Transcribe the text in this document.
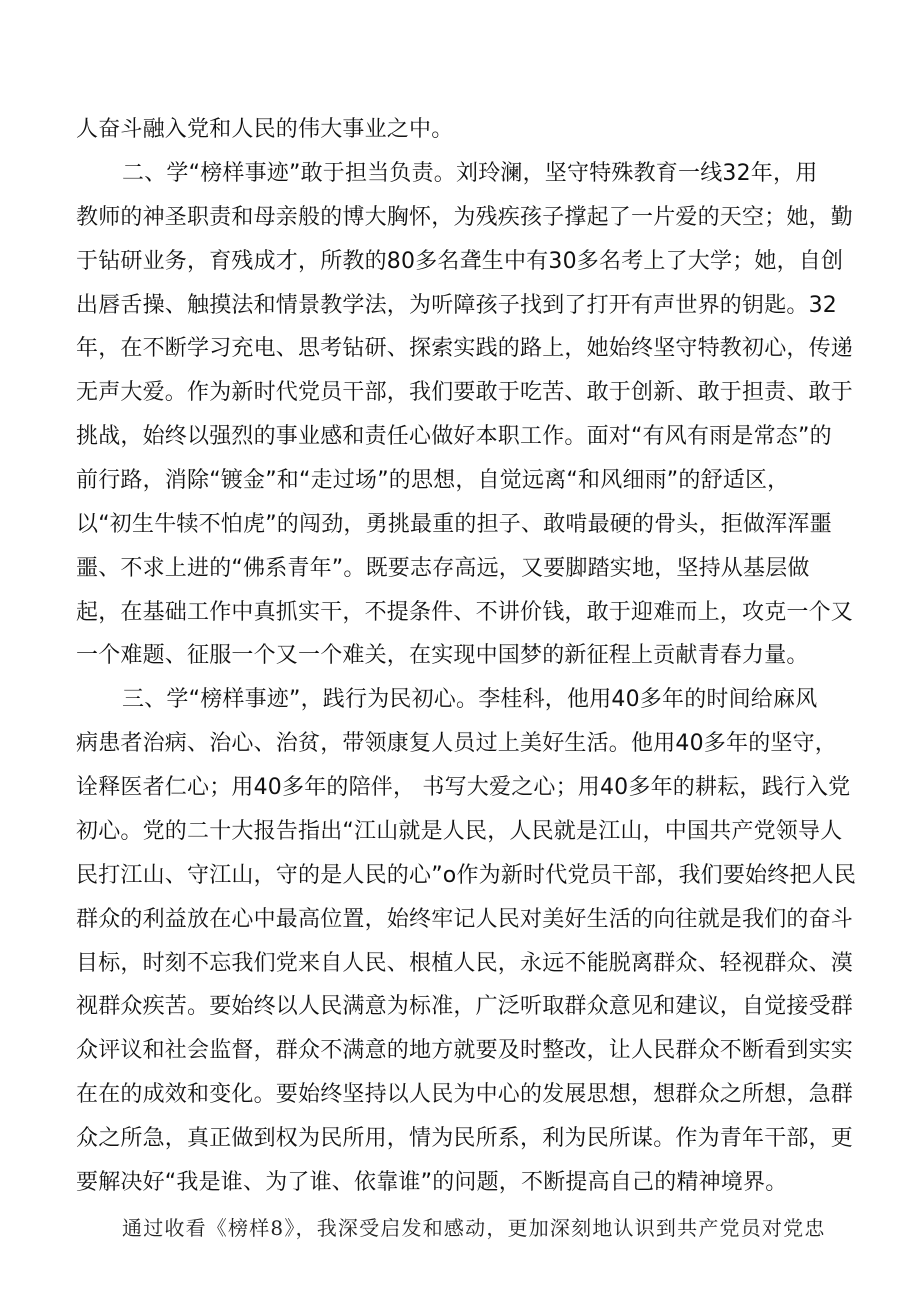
人奋斗融入党和人民的伟大事业之中。
二、学“榜样事迹”敢于担当负责。刘玲澜，坚守特殊教育一线32年，用
教师的神圣职责和母亲般的博大胸怀，为残疾孩子撑起了一片爱的天空；她，勤
于钻研业务，育残成才，所教的80多名聋生中有30多名考上了大学；她，自创
出唇舌操、触摸法和情景教学法，为听障孩子找到了打开有声世界的钥匙。32
年，在不断学习充电、思考钻研、探索实践的路上，她始终坚守特教初心，传递
无声大爱。作为新时代党员干部，我们要敢于吃苦、敢于创新、敢于担责、敢于
挑战，始终以强烈的事业感和责任心做好本职工作。面对“有风有雨是常态”的
前行路，消除“镀金”和“走过场”的思想，自觉远离“和风细雨”的舒适区，
以“初生牛犊不怕虎”的闯劲，勇挑最重的担子、敢啃最硬的骨头，拒做浑浑噩
噩、不求上进的“佛系青年”。既要志存高远，又要脚踏实地，坚持从基层做
起，在基础工作中真抓实干，不提条件、不讲价钱，敢于迎难而上，攻克一个又
一个难题、征服一个又一个难关，在实现中国梦的新征程上贡献青春力量。
三、学“榜样事迹”，践行为民初心。李桂科，他用40多年的时间给麻风
病患者治病、治心、治贫，带领康复人员过上美好生活。他用40多年的坚守，
诠释医者仁心；用40多年的陪伴， 书写大爱之心；用40多年的耕耘，践行入党
初心。党的二十大报告指出“江山就是人民，人民就是江山，中国共产党领导人
民打江山、守江山，守的是人民的心”o作为新时代党员干部，我们要始终把人民
群众的利益放在心中最高位置，始终牢记人民对美好生活的向往就是我们的奋斗
目标，时刻不忘我们党来自人民、根植人民，永远不能脱离群众、轻视群众、漠
视群众疾苦。要始终以人民满意为标准，广泛听取群众意见和建议，自觉接受群
众评议和社会监督，群众不满意的地方就要及时整改，让人民群众不断看到实实
在在的成效和变化。要始终坚持以人民为中心的发展思想，想群众之所想，急群
众之所急，真正做到权为民所用，情为民所系，利为民所谋。作为青年干部，更
要解决好“我是谁、为了谁、依靠谁”的问题，不断提高自己的精神境界。
通过收看《榜样8》，我深受启发和感动，更加深刻地认识到共产党员对党忠
